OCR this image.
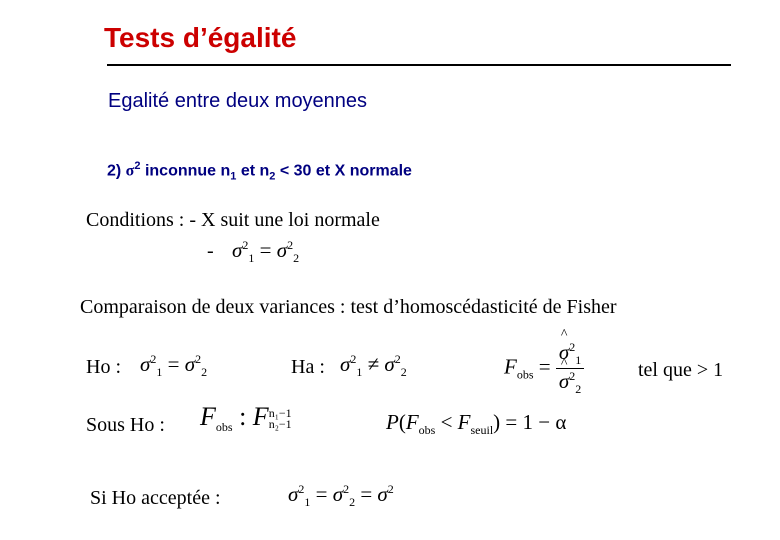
Tests d’égalité
Egalité entre deux moyennes
2) $\sigma^2$ inconnue $n_1$ et $n_2 < 30$ et X normale
Conditions : - X suit une loi normale
- $\sigma^2_1 = \sigma^2_2$
Comparaison de deux variances : test d’homoscédasticité de Fisher
Ho : $\sigma^2_1 = \sigma^2_2$	Ha : $\sigma^2_1 \ne \sigma^2_2$	$F_{obs}$ = ^ $\sigma^2_1$
^ $\sigma^2_2$	tel que > 1
Sous Ho : $F_{obs}$ : F n₁−1
n₂−1	$P(F_{obs} < F_{seuil}) = 1 - \alpha$
Si Ho acceptée :	$\sigma^2_1 = \sigma^2_2 = \sigma^2$
